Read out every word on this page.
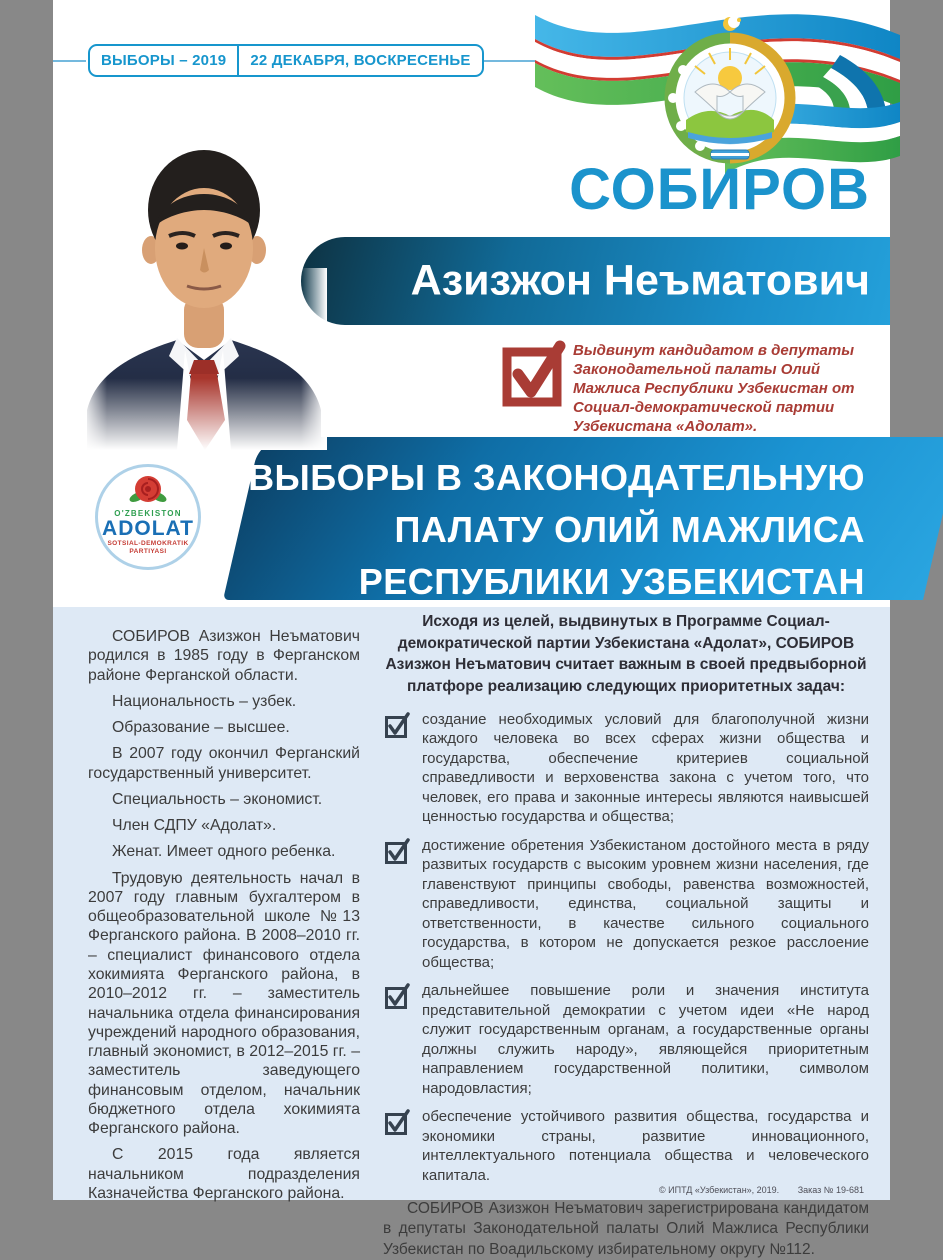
ВЫБОРЫ – 2019	22 ДЕКАБРЯ, ВОСКРЕСЕНЬЕ
СОБИРОВ
Азизжон Неъматович
Выдвинут кандидатом в депутаты Законодательной палаты Олий Мажлиса Республики Узбекистан от Социал-демократической партии Узбекистана «Адолат».
ВЫБОРЫ В ЗАКОНОДАТЕЛЬНУЮ
ПАЛАТУ ОЛИЙ МАЖЛИСА
РЕСПУБЛИКИ УЗБЕКИСТАН
O'ZBEKISTON
ADOLAT
SOTSIAL-DEMOKRATIK
PARTIYASI

СОБИРОВ Азизжон Неъматович родился в 1985 году в Ферганском районе Ферганской области.

Национальность – узбек.

Образование – высшее.

В 2007 году окончил Ферганский государственный университет.

Специальность – экономист.

Член СДПУ «Адолат».

Женат. Имеет одного ребенка.

Трудовую деятельность начал в 2007 году главным бухгалтером в общеобразовательной школе №13 Ферганского района. В 2008–2010 гг. – специалист финансового отдела хокимията Ферганского района, в 2010–2012 гг. – заместитель начальника отдела финансирования учреждений народного образования, главный экономист, в 2012–2015 гг. – заместитель заведующего финансовым отделом, начальник бюджетного отдела хокимията Ферганского района.

С 2015 года является начальником подразделения Казначейства Ферганского района.

Исходя из целей, выдвинутых в Программе Социал-демократической партии Узбекистана «Адолат», СОБИРОВ Азизжон Неъматович считает важным в своей предвыборной платфоре реализацию следующих приоритетных задач:

создание необходимых условий для благополучной жизни каждого человека во всех сферах жизни общества и государства, обеспечение критериев социальной справедливости и верховенства закона с учетом того, что человек, его права и законные интересы являются наивысшей ценностью государства и общества;

достижение обретения Узбекистаном достойного места в ряду развитых государств с высоким уровнем жизни населения, где главенствуют принципы свободы, равенства возможностей, справедливости, единства, социальной защиты и ответственности, в качестве сильного социального государства, в котором не допускается резкое расслоение общества;

дальнейшее повышение роли и значения института представительной демократии с учетом идеи «Не народ служит государственным органам, а государственные органы должны служить народу», являющейся приоритетным направлением государственной политики, символом народовластия;

обеспечение устойчивого развития общества, государства и экономики страны, развитие инновационного, интеллектуального потенциала общества и человеческого капитала.

СОБИРОВ Азизжон Неъматович зарегистрирована кандидатом в депутаты Законодательной палаты Олий Мажлиса Республики Узбекистан по Воадильскому избирательному округу №112.

© ИПТД «Узбекистан», 2019. Заказ № 19-681
